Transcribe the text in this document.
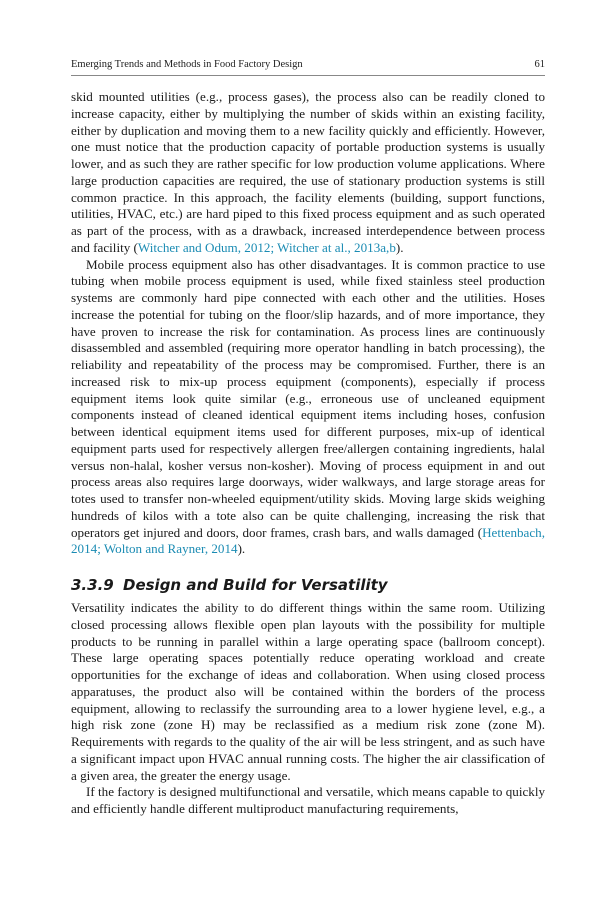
Emerging Trends and Methods in Food Factory Design	61

skid mounted utilities (e.g., process gases), the process also can be readily cloned to increase capacity, either by multiplying the number of skids within an existing facility, either by duplication and moving them to a new facility quickly and efficiently. However, one must notice that the production capacity of portable production systems is usually lower, and as such they are rather specific for low production volume applications. Where large production capacities are required, the use of stationary production systems is still common practice. In this approach, the facility elements (building, support functions, utilities, HVAC, etc.) are hard piped to this fixed process equipment and as such operated as part of the process, with as a drawback, increased interdependence between process and facility (Witcher and Odum, 2012; Witcher at al., 2013a,b).

Mobile process equipment also has other disadvantages. It is common practice to use tubing when mobile process equipment is used, while fixed stainless steel production systems are commonly hard pipe connected with each other and the utilities. Hoses increase the potential for tubing on the floor/slip hazards, and of more importance, they have proven to increase the risk for contamination. As process lines are continuously disassembled and assembled (requiring more operator handling in batch processing), the reliability and repeatability of the process may be compromised. Further, there is an increased risk to mix-up process equipment (components), especially if process equipment items look quite similar (e.g., erroneous use of uncleaned equipment components instead of cleaned identical equipment items including hoses, confusion between identical equipment items used for different purposes, mix-up of identical equipment parts used for respectively allergen free/allergen containing ingredients, halal versus non-halal, kosher versus non-kosher). Moving of process equipment in and out process areas also requires large doorways, wider walkways, and large storage areas for totes used to transfer non-wheeled equipment/utility skids. Moving large skids weighing hundreds of kilos with a tote also can be quite challenging, increasing the risk that operators get injured and doors, door frames, crash bars, and walls damaged (Hettenbach, 2014; Wolton and Rayner, 2014).

3.3.9 Design and Build for Versatility

Versatility indicates the ability to do different things within the same room. Utilizing closed processing allows flexible open plan layouts with the possibility for multiple products to be running in parallel within a large operating space (ballroom concept). These large operating spaces potentially reduce operating workload and create opportunities for the exchange of ideas and collaboration. When using closed process apparatuses, the product also will be contained within the borders of the process equipment, allowing to reclassify the surrounding area to a lower hygiene level, e.g., a high risk zone (zone H) may be reclassified as a medium risk zone (zone M). Requirements with regards to the quality of the air will be less stringent, and as such have a significant impact upon HVAC annual running costs. The higher the air classification of a given area, the greater the energy usage.

If the factory is designed multifunctional and versatile, which means capable to quickly and efficiently handle different multiproduct manufacturing requirements,
